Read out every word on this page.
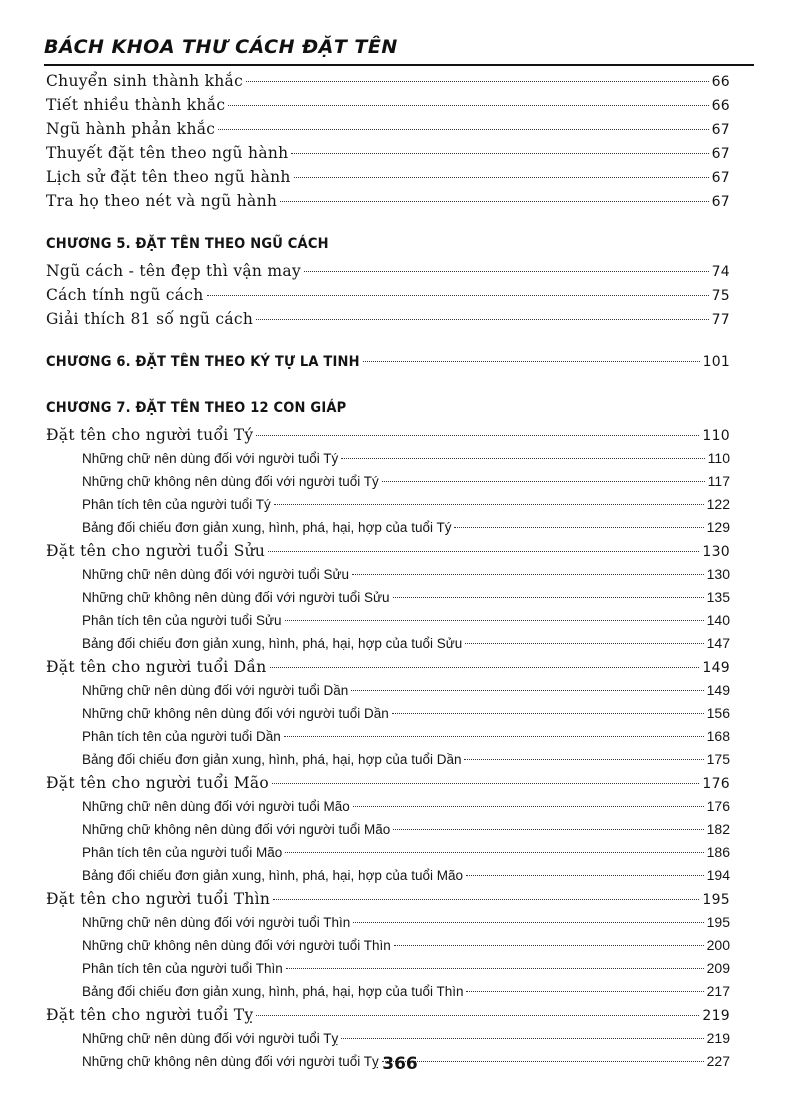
BÁCH KHOA THƯ CÁCH ĐẶT TÊN
Chuyển sinh thành khắc	66
Tiết nhiều thành khắc	66
Ngũ hành phản khắc	67
Thuyết đặt tên theo ngũ hành	67
Lịch sử đặt tên theo ngũ hành	67
Tra họ theo nét và ngũ hành	67
CHƯƠNG 5. ĐẶT TÊN THEO NGŨ CÁCH
Ngũ cách - tên đẹp thì vận may	74
Cách tính ngũ cách	75
Giải thích 81 số ngũ cách	77
CHƯƠNG 6. ĐẶT TÊN THEO KÝ TỰ LA TINH	101
CHƯƠNG 7. ĐẶT TÊN THEO 12 CON GIÁP
Đặt tên cho người tuổi Tý	110
Những chữ nên dùng đối với người tuổi Tý	110
Những chữ không nên dùng đối với người tuổi Tý	117
Phân tích tên của người tuổi Tý	122
Bảng đối chiếu đơn giản xung, hình, phá, hại, hợp của tuổi Tý	129
Đặt tên cho người tuổi Sửu	130
Những chữ nên dùng đối với người tuổi Sửu	130
Những chữ không nên dùng đối với người tuổi Sửu	135
Phân tích tên của người tuổi Sửu	140
Bảng đối chiếu đơn giản xung, hình, phá, hại, hợp của tuổi Sửu	147
Đặt tên cho người tuổi Dần	149
Những chữ nên dùng đối với người tuổi Dần	149
Những chữ không nên dùng đối với người tuổi Dần	156
Phân tích tên của người tuổi Dần	168
Bảng đối chiếu đơn giản xung, hình, phá, hại, hợp của tuổi Dần	175
Đặt tên cho người tuổi Mão	176
Những chữ nên dùng đối với người tuổi Mão	176
Những chữ không nên dùng đối với người tuổi Mão	182
Phân tích tên của người tuổi Mão	186
Bảng đối chiếu đơn giản xung, hình, phá, hại, hợp của tuổi Mão	194
Đặt tên cho người tuổi Thìn	195
Những chữ nên dùng đối với người tuổi Thìn	195
Những chữ không nên dùng đối với người tuổi Thìn	200
Phân tích tên của người tuổi Thìn	209
Bảng đối chiếu đơn giản xung, hình, phá, hại, hợp của tuổi Thìn	217
Đặt tên cho người tuổi Tỵ	219
Những chữ nên dùng đối với người tuổi Tỵ	219
Những chữ không nên dùng đối với người tuổi Tỵ	227
366
